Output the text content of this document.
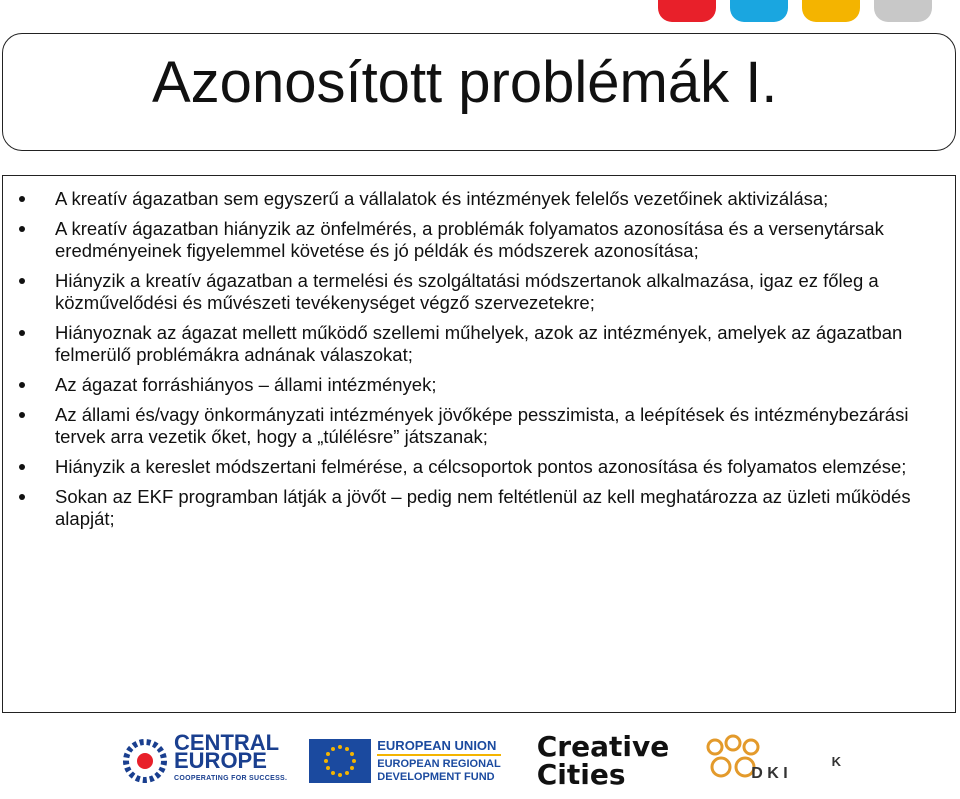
Azonosított problémák I.
A kreatív ágazatban sem egyszerű a vállalatok és intézmények felelős vezetőinek aktivizálása;
A kreatív ágazatban hiányzik az önfelmérés, a problémák folyamatos azonosítása és a versenytársak eredményeinek figyelemmel követése és jó példák és módszerek azonosítása;
Hiányzik a kreatív ágazatban a termelési és szolgáltatási módszertanok alkalmazása, igaz ez főleg a közművelődési és művészeti tevékenységet végző szervezetekre;
Hiányoznak az ágazat mellett működő szellemi műhelyek, azok az intézmények, amelyek az ágazatban felmerülő problémákra adnának válaszokat;
Az ágazat forráshiányos – állami intézmények;
Az állami és/vagy önkormányzati intézmények jövőképe pesszimista, a leépítések és intézménybezárási tervek arra vezetik őket, hogy a „túlélésre” játszanak;
Hiányzik a kereslet módszertani felmérése, a célcsoportok pontos azonosítása és folyamatos elemzése;
Sokan az EKF programban látják a jövőt – pedig nem feltétlenül az kell meghatározza az üzleti működés alapját;
CENTRAL
EUROPE
COOPERATING FOR SUCCESS.
EUROPEAN UNION
EUROPEAN REGIONAL
DEVELOPMENT FUND
Creative
Cities	D K I
K
